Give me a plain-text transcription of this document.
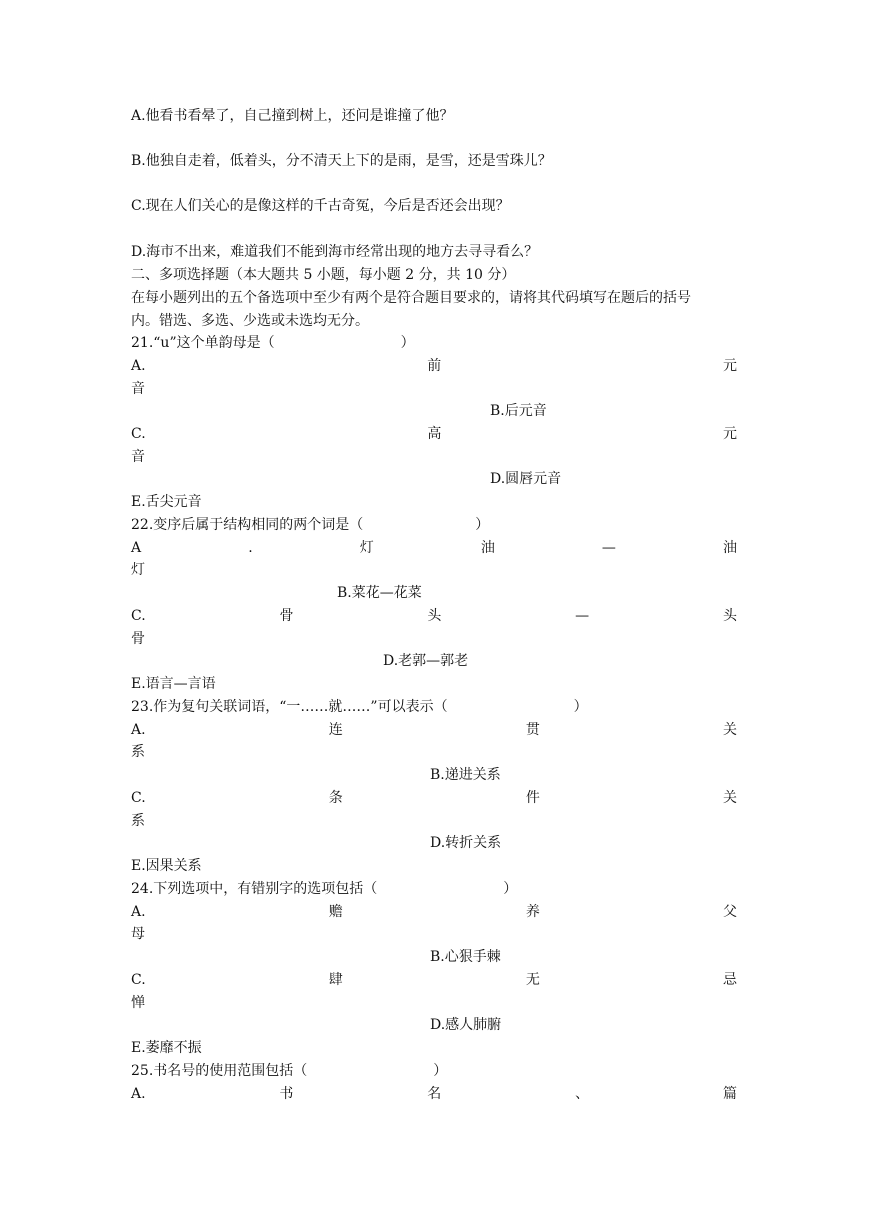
A.他看书看晕了，自己撞到树上，还问是谁撞了他？
B.他独自走着，低着头，分不清天上下的是雨，是雪，还是雪珠儿？
C.现在人们关心的是像这样的千古奇冤，今后是否还会出现？
D.海市不出来，难道我们不能到海市经常出现的地方去寻寻看么？
二、多项选择题（本大题共 5 小题，每小题 2 分，共 10 分）
在每小题列出的五个备选项中至少有两个是符合题目要求的，请将其代码填写在题后的括号
内。错选、多选、少选或未选均无分。
21.“u”这个单韵母是（　　　　　　　　　）
A.	前	元
音
B.后元音
C.	高	元
音
D.圆唇元音
E.舌尖元音
22.变序后属于结构相同的两个词是（　　　　　　　　）
A	.	灯	油	—	油
灯
B.菜花—花菜
C.	骨	头	—	头
骨
D.老郭—郭老
E.语言—言语
23.作为复句关联词语，“一……就……”可以表示（　　　　　　　　　）
A.	连	贯	关
系
B.递进关系
C.	条	件	关
系
D.转折关系
E.因果关系
24.下列选项中，有错别字的选项包括（　　　　　　　　　）
A.	赡	养	父
母
B.心狠手棘
C.	肆	无	忌
惮
D.感人肺腑
E.萎靡不振
25.书名号的使用范围包括（　　　　　　　　　）
A.	书	名	、	篇
